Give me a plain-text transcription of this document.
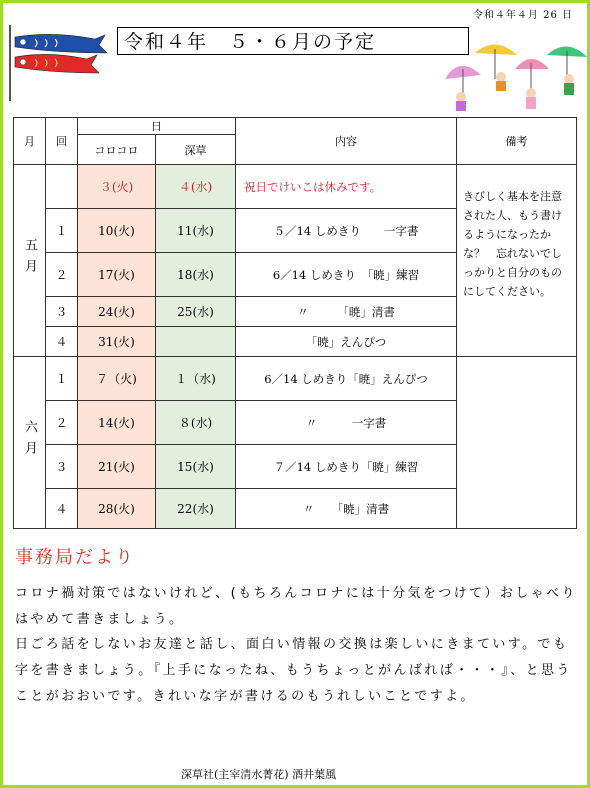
令和４年４月 26 日
令和４年　５・６月の予定
月	回	日		内容	備考
		コロコロ	深草		
五月		３(火)	４(水)	祝日でけいこは休みです。	きびしく基本を注意された人、もう書けるようになったかな？　忘れないでしっかりと自分のものにしてください。
	１	10(火)	11(水)	５／14 しめきり　　一字書	
	２	17(火)	18(水)	6／14 しめきり　「暁」練習	
	３	24(火)	25(水)	〃　　　「暁」清書	
	４	31(火)		「暁」えんぴつ	
六月	１	７（火)	１（水)	6／14 しめきり「暁」えんぴつ	
	２	14(火)	８(水)	〃　　　一字書	
	３	21(火)	15(水)	７／14 しめきり「暁」練習	
	４	28(火)	22(水)	〃　　「暁」清書	
事務局だより

コロナ禍対策ではないけれど、(もちろんコロナには十分気をつけて）おしゃべりはやめて書きましょう。

日ごろ話をしないお友達と話し、面白い情報の交換は楽しいにきまていす。でも字を書きましょう。『上手になったね、もうちょっとがんばれば・・・』、と思うことがおおいです。きれいな字が書けるのもうれしいことですよ。

深草社(主宰清水菁花) 酒井葉風
